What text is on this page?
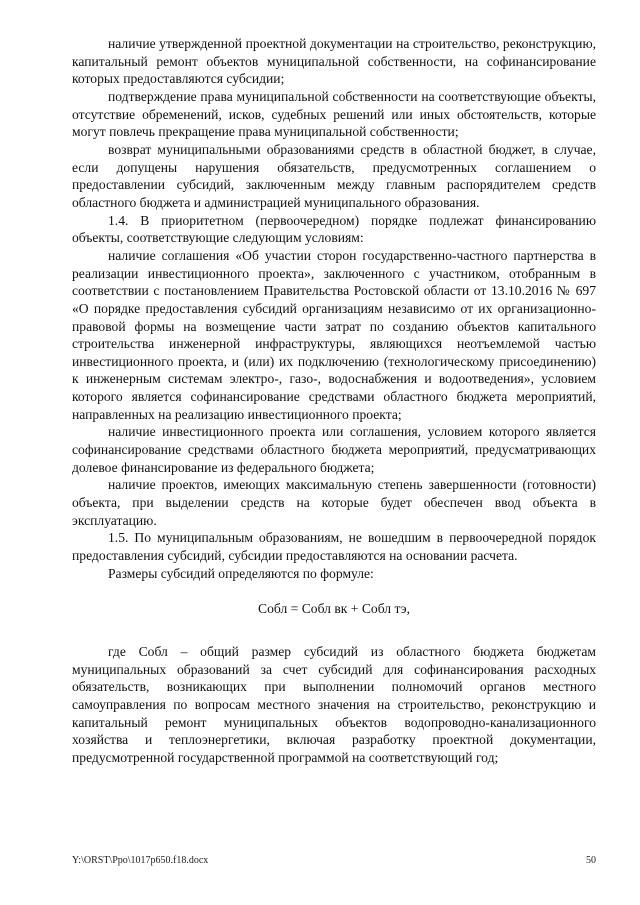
наличие утвержденной проектной документации на строительство, реконструкцию, капитальный ремонт объектов муниципальной собственности, на софинансирование которых предоставляются субсидии;

подтверждение права муниципальной собственности на соответствующие объекты, отсутствие обременений, исков, судебных решений или иных обстоятельств, которые могут повлечь прекращение права муниципальной собственности;

возврат муниципальными образованиями средств в областной бюджет, в случае, если допущены нарушения обязательств, предусмотренных соглашением о предоставлении субсидий, заключенным между главным распорядителем средств областного бюджета и администрацией муниципального образования.

1.4. В приоритетном (первоочередном) порядке подлежат финансированию объекты, соответствующие следующим условиям:

наличие соглашения «Об участии сторон государственно-частного партнерства в реализации инвестиционного проекта», заключенного с участником, отобранным в соответствии с постановлением Правительства Ростовской области от 13.10.2016 № 697 «О порядке предоставления субсидий организациям независимо от их организационно-правовой формы на возмещение части затрат по созданию объектов капитального строительства инженерной инфраструктуры, являющихся неотъемлемой частью инвестиционного проекта, и (или) их подключению (технологическому присоединению) к инженерным системам электро-, газо-, водоснабжения и водоотведения», условием которого является софинансирование средствами областного бюджета мероприятий, направленных на реализацию инвестиционного проекта;

наличие инвестиционного проекта или соглашения, условием которого является софинансирование средствами областного бюджета мероприятий, предусматривающих долевое финансирование из федерального бюджета;

наличие проектов, имеющих максимальную степень завершенности (готовности) объекта, при выделении средств на которые будет обеспечен ввод объекта в эксплуатацию.

1.5. По муниципальным образованиям, не вошедшим в первоочередной порядок предоставления субсидий, субсидии предоставляются на основании расчета.

Размеры субсидий определяются по формуле:

Собл = Собл вк + Собл тэ,

где Собл – общий размер субсидий из областного бюджета бюджетам муниципальных образований за счет субсидий для софинансирования расходных обязательств, возникающих при выполнении полномочий органов местного самоуправления по вопросам местного значения на строительство, реконструкцию и капитальный ремонт муниципальных объектов водопроводно-канализационного хозяйства и теплоэнергетики, включая разработку проектной документации, предусмотренной государственной программой на соответствующий год;

Y:\ORST\Ppo\1017p650.f18.docx	50
